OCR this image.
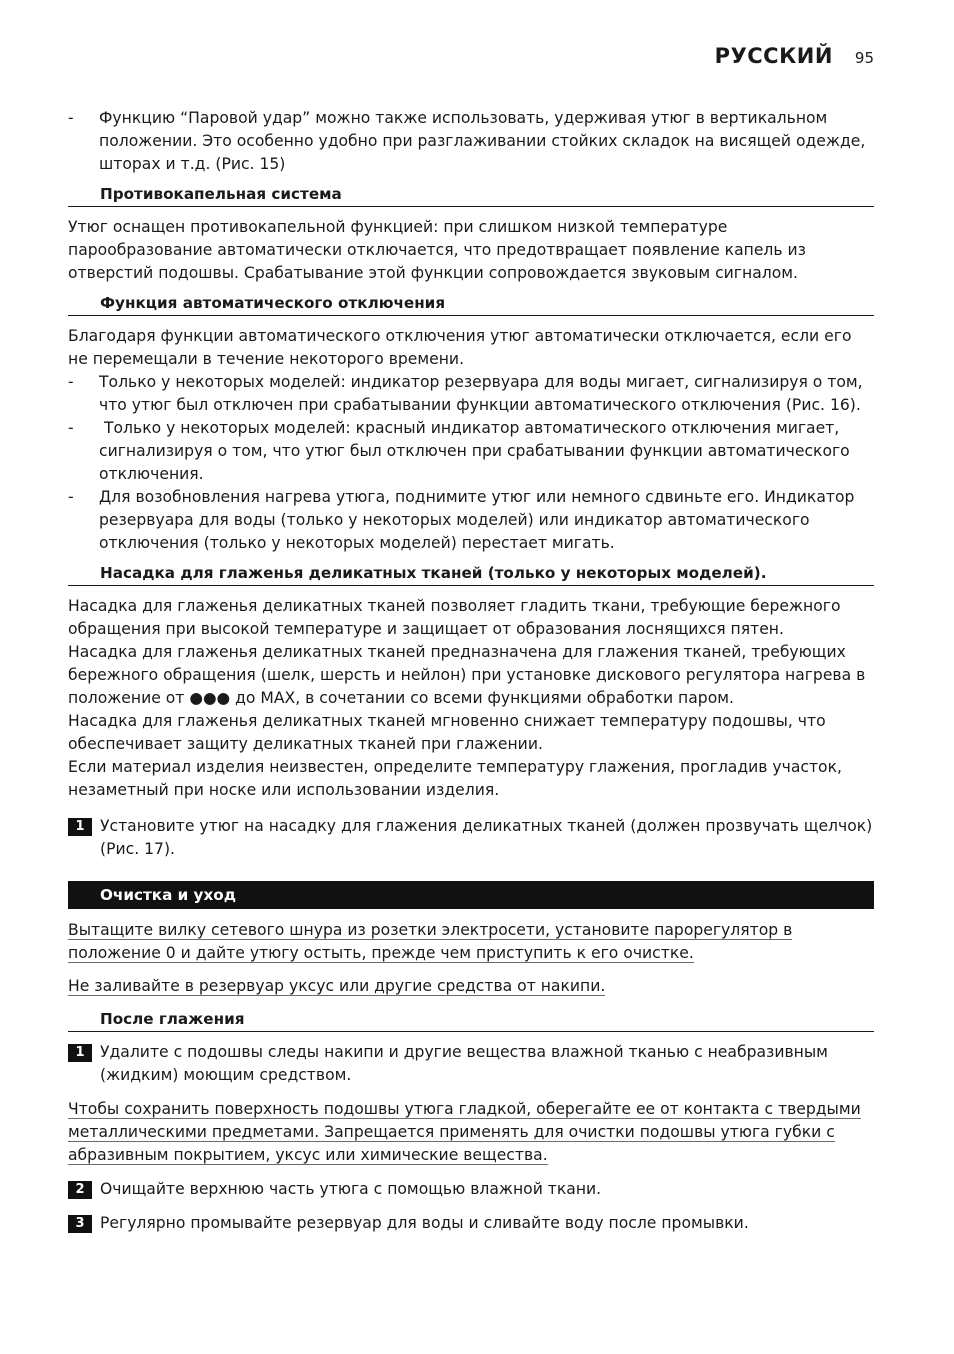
РУССКИЙ 95
- Функцию “Паровой удар” можно также использовать, удерживая утюг в вертикальном положении. Это особенно удобно при разглаживании стойких складок на висящей одежде, шторах и т.д. (Рис. 15)

Противокапельная система

Утюг оснащен противокапельной функцией: при слишком низкой температуре парообразование автоматически отключается, что предотвращает появление капель из отверстий подошвы. Срабатывание этой функции сопровождается звуковым сигналом.

Функция автоматического отключения

Благодаря функции автоматического отключения утюг автоматически отключается, если его не перемещали в течение некоторого времени.

- Только у некоторых моделей: индикатор резервуара для воды мигает, сигнализируя о том, что утюг был отключен при срабатывании функции автоматического отключения (Рис. 16).

- Только у некоторых моделей: красный индикатор автоматического отключения мигает, сигнализируя о том, что утюг был отключен при срабатывании функции автоматического отключения.

- Для возобновления нагрева утюга, поднимите утюг или немного сдвиньте его. Индикатор резервуара для воды (только у некоторых моделей) или индикатор автоматического отключения (только у некоторых моделей) перестает мигать.

Насадка для глаженья деликатных тканей (только у некоторых моделей).

Насадка для глаженья деликатных тканей позволяет гладить ткани, требующие бережного обращения при высокой температуре и защищает от образования лоснящихся пятен.

Насадка для глаженья деликатных тканей предназначена для глажения тканей, требующих бережного обращения (шелк, шерсть и нейлон) при установке дискового регулятора нагрева в положение от ●●● до MAX, в сочетании со всеми функциями обработки паром.

Насадка для глаженья деликатных тканей мгновенно снижает температуру подошвы, что обеспечивает защиту деликатных тканей при глажении.

Если материал изделия неизвестен, определите температуру глажения, прогладив участок, незаметный при носке или использовании изделия.

1 Установите утюг на насадку для глажения деликатных тканей (должен прозвучать щелчок) (Рис. 17).

Очистка и уход

Вытащите вилку сетевого шнура из розетки электросети, установите парорегулятор в положение 0 и дайте утюгу остыть, прежде чем приступить к его очистке.

Не заливайте в резервуар уксус или другие средства от накипи.

После глажения
1 Удалите с подошвы следы накипи и другие вещества влажной тканью с неабразивным (жидким) моющим средством.

Чтобы сохранить поверхность подошвы утюга гладкой, оберегайте ее от контакта с твердыми металлическими предметами. Запрещается применять для очистки подошвы утюга губки с абразивным покрытием, уксус или химические вещества.

2 Очищайте верхнюю часть утюга с помощью влажной ткани.

3 Регулярно промывайте резервуар для воды и сливайте воду после промывки.
